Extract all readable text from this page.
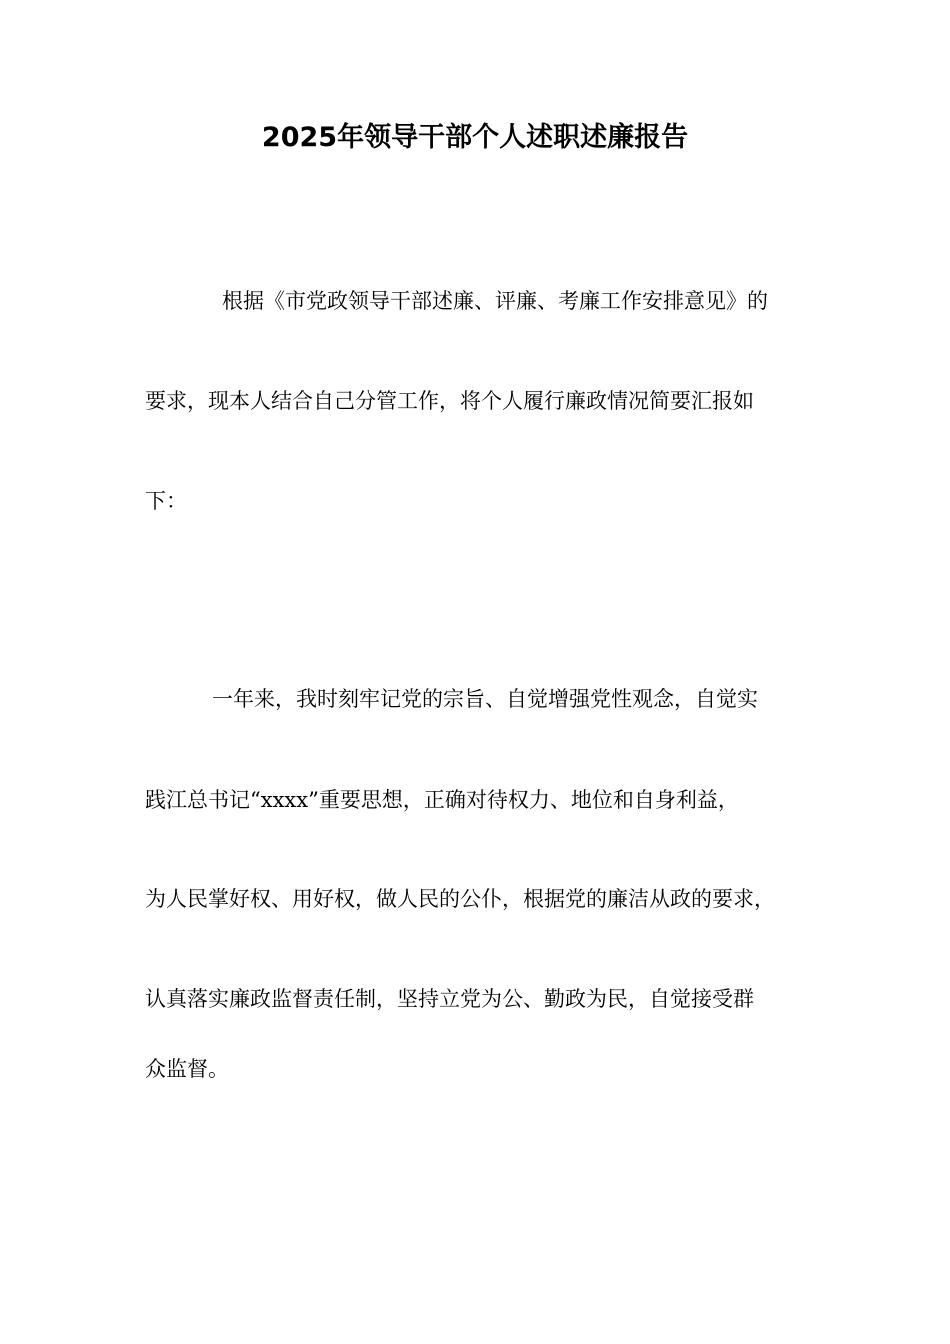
2025年领导干部个人述职述廉报告

根据《市党政领导干部述廉、评廉、考廉工作安排意见》的

要求，现本人结合自己分管工作，将个人履行廉政情况简要汇报如

下：

一年来，我时刻牢记党的宗旨、自觉增强党性观念，自觉实

践江总书记“xxxx”重要思想，正确对待权力、地位和自身利益，

为人民掌好权、用好权，做人民的公仆，根据党的廉洁从政的要求，

认真落实廉政监督责任制，坚持立党为公、勤政为民，自觉接受群

众监督。
